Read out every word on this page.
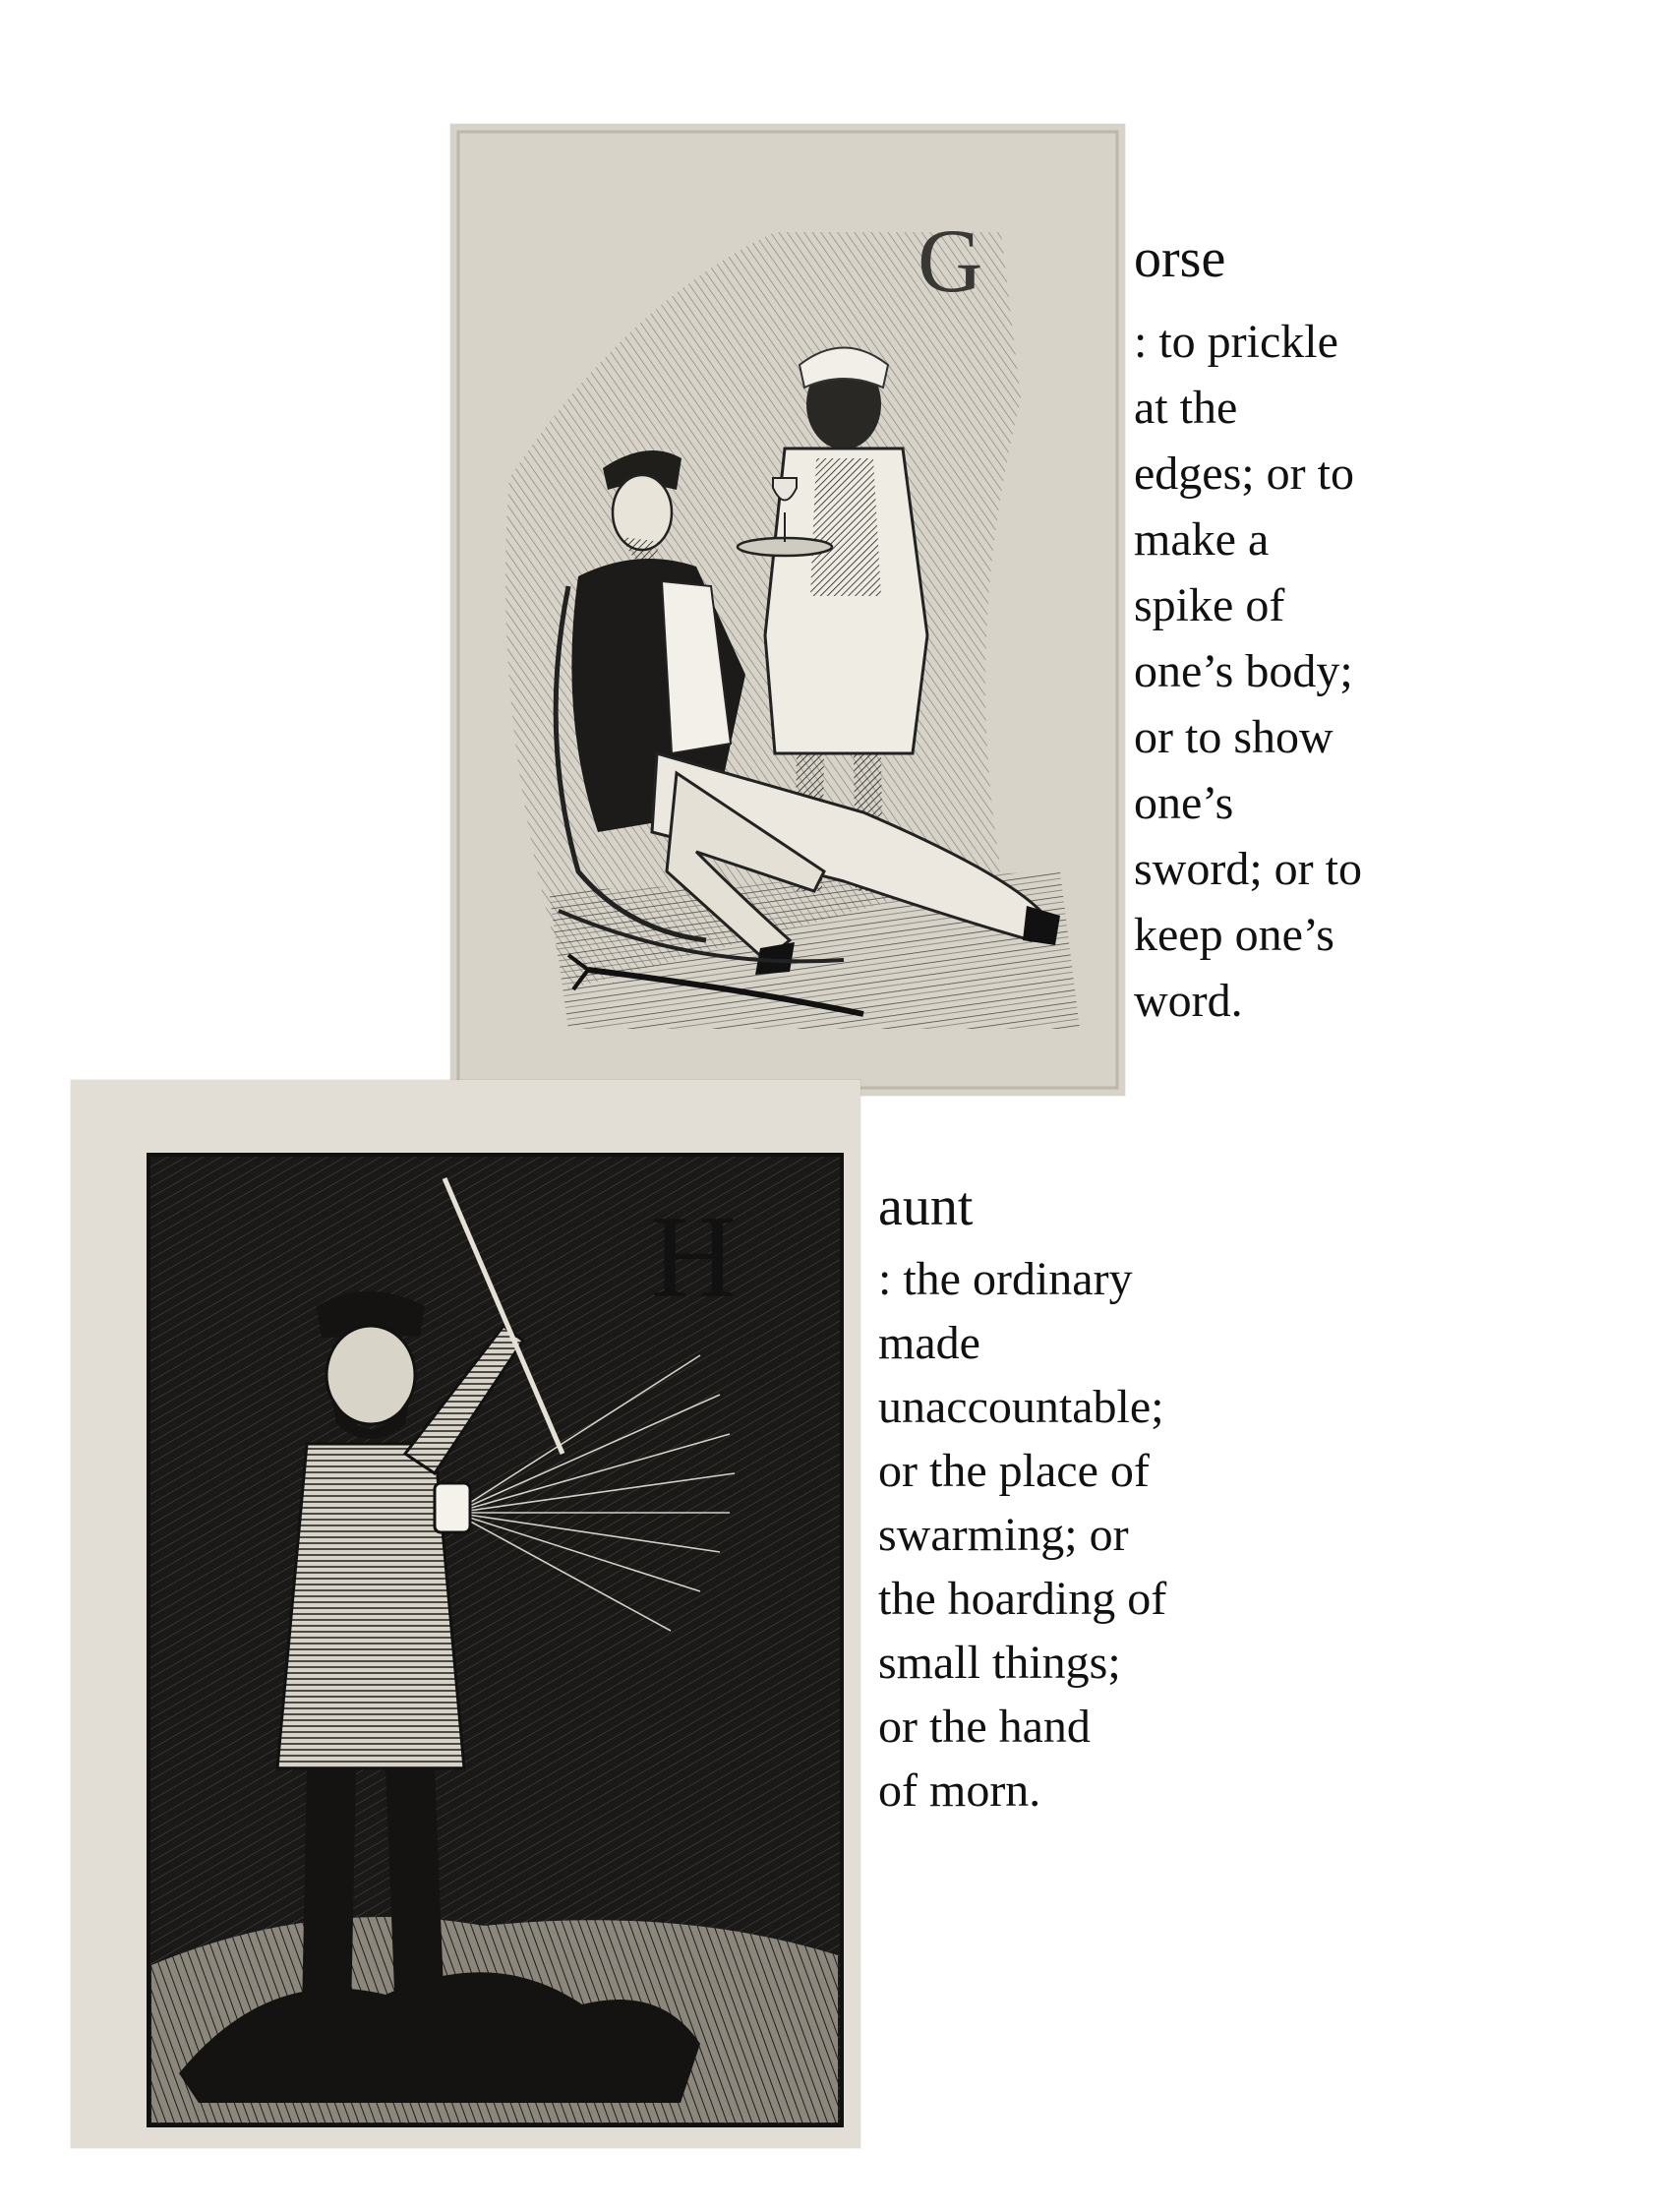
G	orse

: to prickle
at the
edges; or to
make a
spike of
one’s body;
or to show
one’s
sword; or to
keep one’s
word.

H	aunt

: the ordinary
made
unaccountable;
or the place of
swarming; or
the hoarding of
small things;
or the hand
of morn.
